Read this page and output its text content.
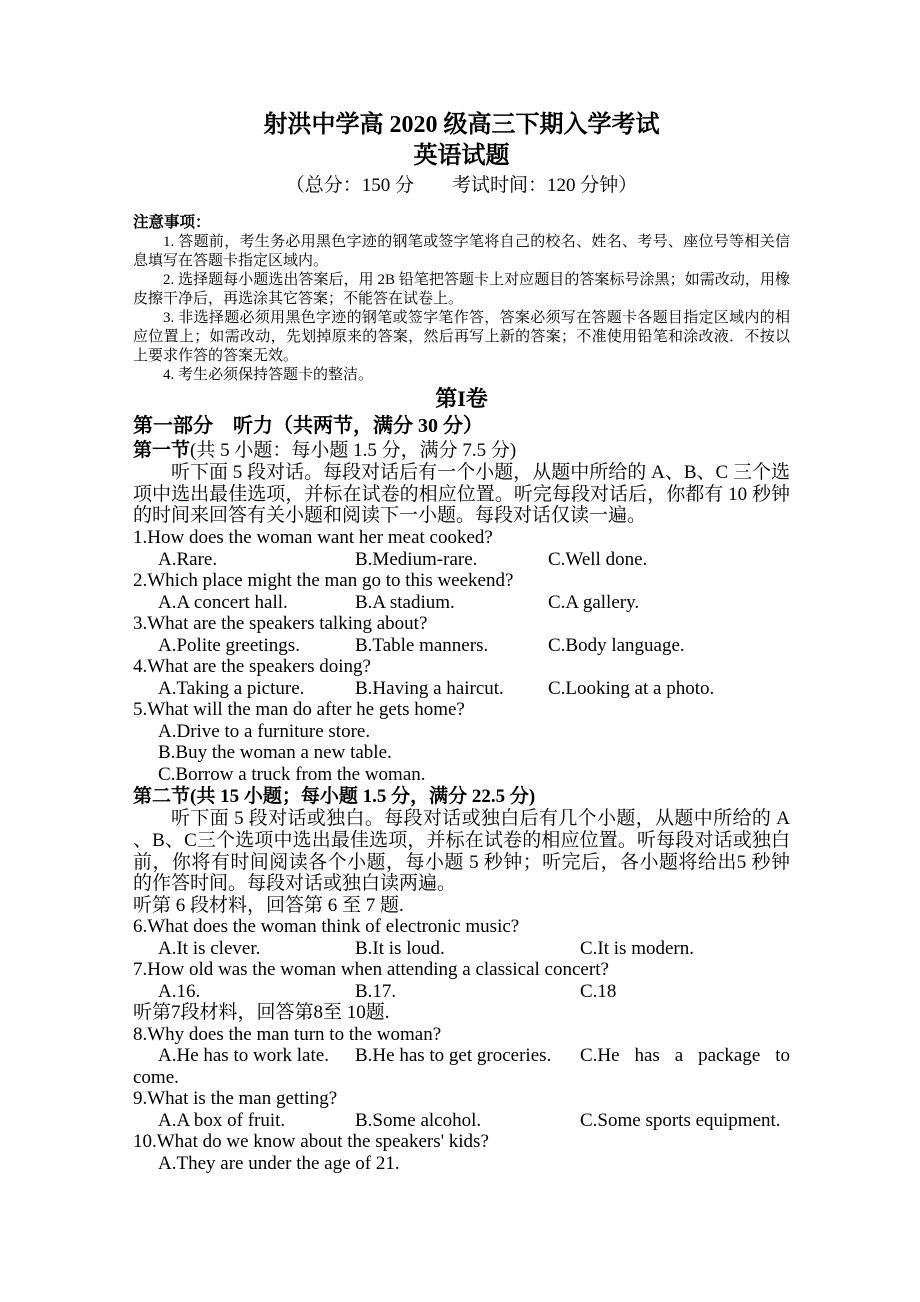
射洪中学高 2020 级高三下期入学考试
英语试题
（总分：150 分　　考试时间：120 分钟）
注意事项：

1. 答题前，考生务必用黑色字迹的钢笔或签字笔将自己的校名、姓名、考号、座位号等相关信息填写在答题卡指定区域内。

2. 选择题每小题选出答案后，用 2B 铅笔把答题卡上对应题目的答案标号涂黑；如需改动，用橡皮擦干净后，再选涂其它答案；不能答在试卷上。

3. 非选择题必须用黑色字迹的钢笔或签字笔作答，答案必须写在答题卡各题目指定区域内的相应位置上；如需改动，先划掉原来的答案，然后再写上新的答案；不准使用铅笔和涂改液．不按以上要求作答的答案无效。

4. 考生必须保持答题卡的整洁。

第I卷
第一部分　听力（共两节，满分 30 分）
第一节(共 5 小题：每小题 1.5 分，满分 7.5 分)

听下面 5 段对话。每段对话后有一个小题，从题中所给的 A、B、C 三个选项中选出最佳选项，并标在试卷的相应位置。听完每段对话后，你都有 10 秒钟的时间来回答有关小题和阅读下一小题。每段对话仅读一遍。

1.How does the woman want her meat cooked?
A.Rare.	B.Medium-rare.	C.Well done.
2.Which place might the man go to this weekend?
A.A concert hall.	B.A stadium.	C.A gallery.
3.What are the speakers talking about?
A.Polite greetings.	B.Table manners.	C.Body language.
4.What are the speakers doing?
A.Taking a picture.	B.Having a haircut.	C.Looking at a photo.
5.What will the man do after he gets home?
A.Drive to a furniture store.
B.Buy the woman a new table.
C.Borrow a truck from the woman.
第二节(共 15 小题；每小题 1.5 分，满分 22.5 分)

听下面 5 段对话或独白。每段对话或独白后有几个小题，从题中所给的 A 、B、C三个选项中选出最佳选项，并标在试卷的相应位置。听每段对话或独白前，你将有时间阅读各个小题，每小题 5 秒钟；听完后，各小题将给出5 秒钟的作答时间。每段对话或独白读两遍。

听第 6 段材料，回答第 6 至 7 题.
6.What does the woman think of electronic music?
A.It is clever.	B.It is loud.	C.It is modern.
7.How old was the woman when attending a classical concert?
A.16.	B.17.	C.18
听第7段材料，回答第8至 10题.
8.Why does the man turn to the woman?
A.He has to work late.	B.He has to get groceries.	C.He has a package to
come.
9.What is the man getting?
A.A box of fruit.	B.Some alcohol.	C.Some sports equipment.
10.What do we know about the speakers' kids?
A.They are under the age of 21.
